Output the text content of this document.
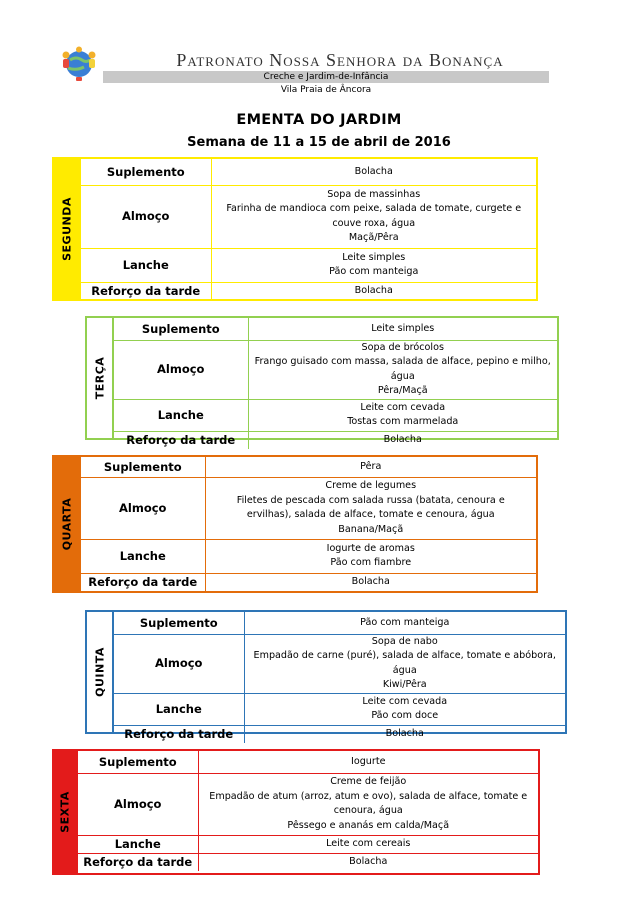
Patronato Nossa Senhora da Bonança
Creche e Jardim-de-Infância
Vila Praia de Âncora
EMENTA DO JARDIM
Semana de 11 a 15 de abril de 2016
SEGUNDA
Suplemento	Bolacha
Almoço	Sopa de massinhas
Farinha de mandioca com peixe, salada de tomate, curgete e
couve roxa, água
Maçã/Pêra

Lanche	Leite simples
Pão com manteiga

Reforço da tarde	Bolacha
TERÇA
Suplemento	Leite simples
Almoço	Sopa de brócolos
Frango guisado com massa, salada de alface, pepino e milho, água
Pêra/Maçã

Lanche	Leite com cevada
Tostas com marmelada

Reforço da tarde	Bolacha
QUARTA
Suplemento	Pêra
Almoço	Creme de legumes
Filetes de pescada com salada russa (batata, cenoura e
ervilhas), salada de alface, tomate e cenoura, água
Banana/Maçã

Lanche	Iogurte de aromas
Pão com fiambre

Reforço da tarde	Bolacha
QUINTA
Suplemento	Pão com manteiga
Almoço	Sopa de nabo
Empadão de carne (puré), salada de alface, tomate e abóbora, água
Kiwi/Pêra

Lanche	Leite com cevada
Pão com doce

Reforço da tarde	Bolacha
SEXTA
Suplemento	Iogurte
Almoço	Creme de feijão
Empadão de atum (arroz, atum e ovo), salada de alface, tomate e
cenoura, água
Pêssego e ananás em calda/Maçã

Lanche	Leite com cereais
Reforço da tarde	Bolacha
